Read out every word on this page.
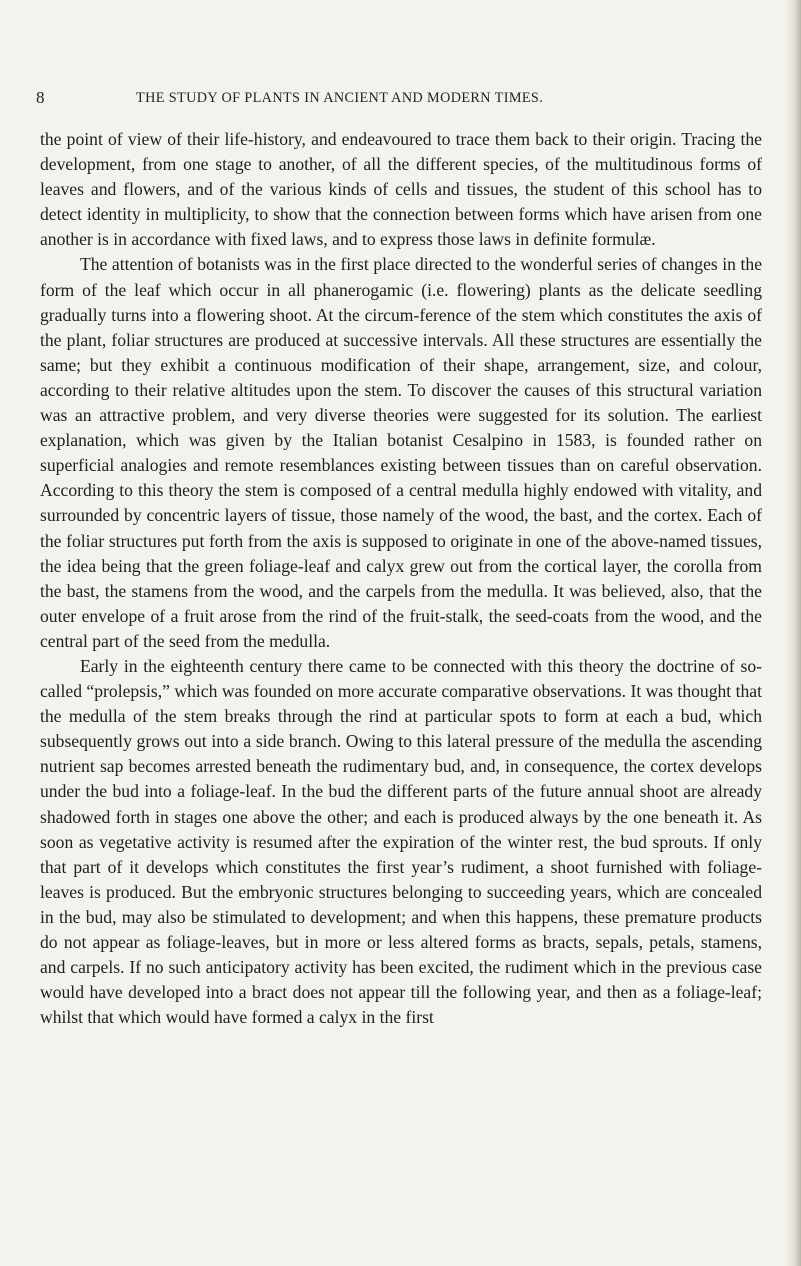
8	THE STUDY OF PLANTS IN ANCIENT AND MODERN TIMES.

the point of view of their life-history, and endeavoured to trace them back to their origin. Tracing the development, from one stage to another, of all the different species, of the multitudinous forms of leaves and flowers, and of the various kinds of cells and tissues, the student of this school has to detect identity in multiplicity, to show that the connection between forms which have arisen from one another is in accordance with fixed laws, and to express those laws in definite formulæ.

The attention of botanists was in the first place directed to the wonderful series of changes in the form of the leaf which occur in all phanerogamic (i.e. flowering) plants as the delicate seedling gradually turns into a flowering shoot. At the circum-ference of the stem which constitutes the axis of the plant, foliar structures are produced at successive intervals. All these structures are essentially the same; but they exhibit a continuous modification of their shape, arrangement, size, and colour, according to their relative altitudes upon the stem. To discover the causes of this structural variation was an attractive problem, and very diverse theories were suggested for its solution. The earliest explanation, which was given by the Italian botanist Cesalpino in 1583, is founded rather on superficial analogies and remote resemblances existing between tissues than on careful observation. According to this theory the stem is composed of a central medulla highly endowed with vitality, and surrounded by concentric layers of tissue, those namely of the wood, the bast, and the cortex. Each of the foliar structures put forth from the axis is supposed to originate in one of the above-named tissues, the idea being that the green foliage-leaf and calyx grew out from the cortical layer, the corolla from the bast, the stamens from the wood, and the carpels from the medulla. It was believed, also, that the outer envelope of a fruit arose from the rind of the fruit-stalk, the seed-coats from the wood, and the central part of the seed from the medulla.

Early in the eighteenth century there came to be connected with this theory the doctrine of so-called “prolepsis,” which was founded on more accurate comparative observations. It was thought that the medulla of the stem breaks through the rind at particular spots to form at each a bud, which subsequently grows out into a side branch. Owing to this lateral pressure of the medulla the ascending nutrient sap becomes arrested beneath the rudimentary bud, and, in consequence, the cortex develops under the bud into a foliage-leaf. In the bud the different parts of the future annual shoot are already shadowed forth in stages one above the other; and each is produced always by the one beneath it. As soon as vegetative activity is resumed after the expiration of the winter rest, the bud sprouts. If only that part of it develops which constitutes the first year’s rudiment, a shoot furnished with foliage-leaves is produced. But the embryonic structures belonging to succeeding years, which are concealed in the bud, may also be stimulated to development; and when this happens, these premature products do not appear as foliage-leaves, but in more or less altered forms as bracts, sepals, petals, stamens, and carpels. If no such anticipatory activity has been excited, the rudiment which in the previous case would have developed into a bract does not appear till the following year, and then as a foliage-leaf; whilst that which would have formed a calyx in the first
